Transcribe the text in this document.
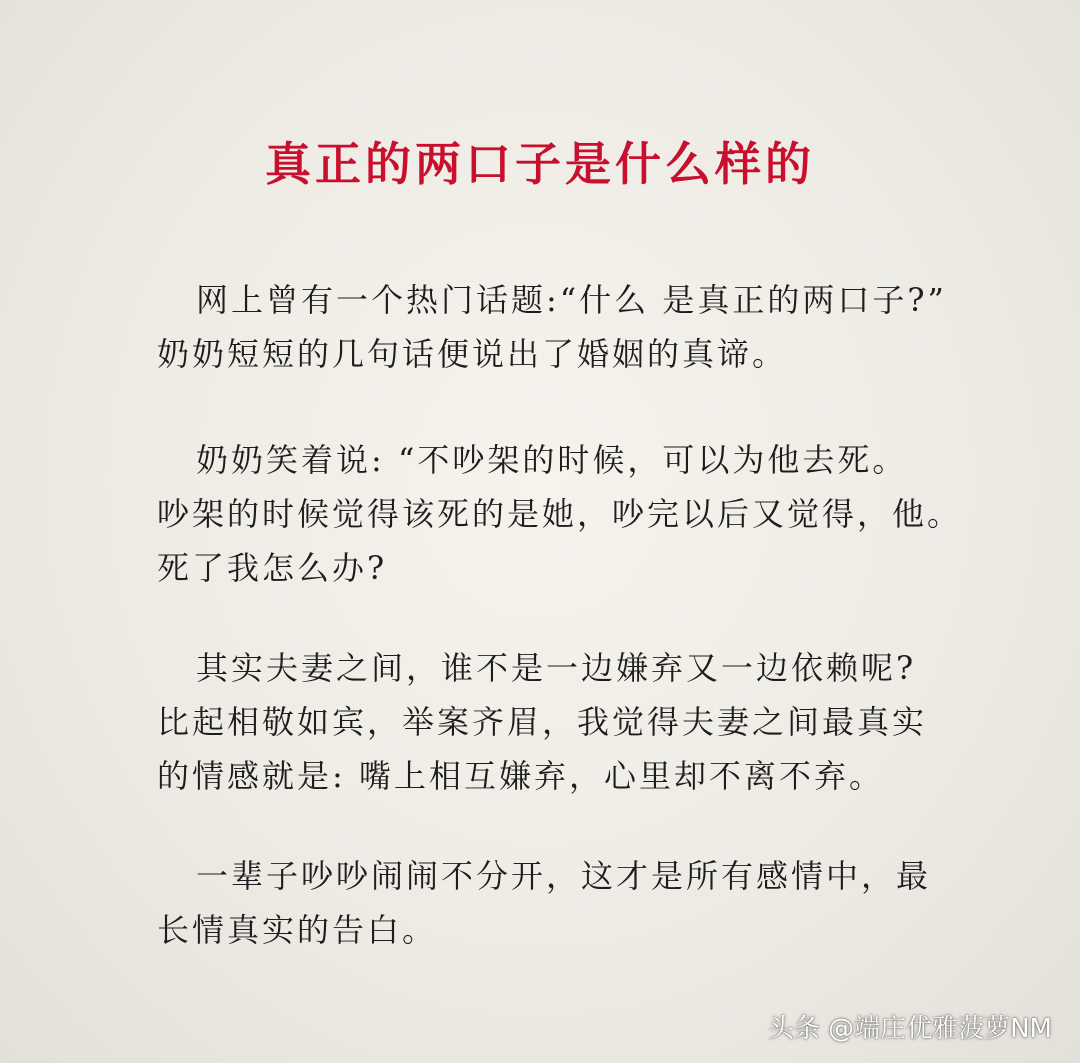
真正的两口子是什么样的
网上曾有一个热门话题:“什么 是真正的两口子?”
奶奶短短的几句话便说出了婚姻的真谛。
奶奶笑着说: “不吵架的时候，可以为他去死。
吵架的时候觉得该死的是她，吵完以后又觉得，他。
死了我怎么办?
其实夫妻之间，谁不是一边嫌弃又一边依赖呢?
比起相敬如宾，举案齐眉，我觉得夫妻之间最真实
的情感就是: 嘴上相互嫌弃，心里却不离不弃。
一辈子吵吵闹闹不分开，这才是所有感情中，最
长情真实的告白。
头条 @端庄优雅菠萝NM
